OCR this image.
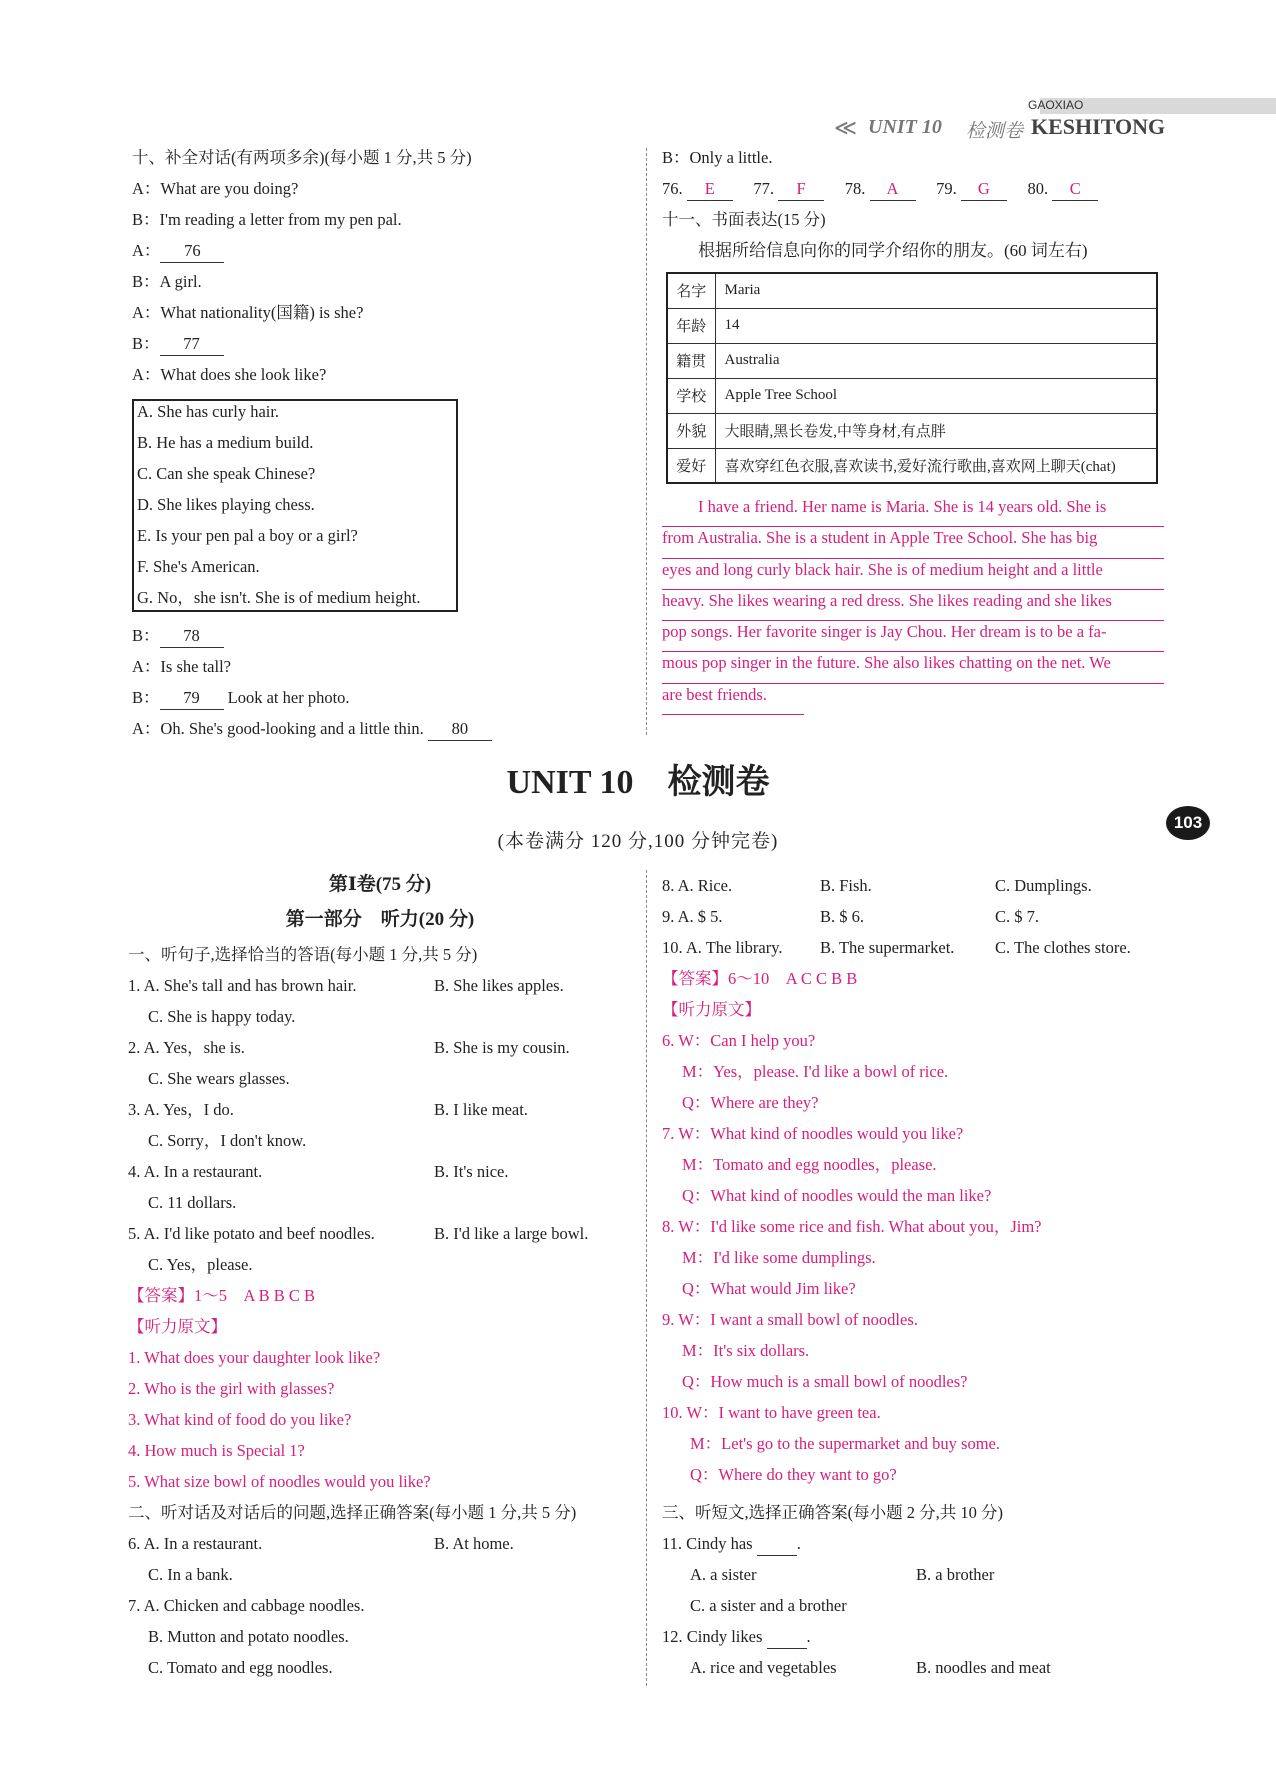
GAOXIAO
≪ UNIT 10 检测卷 KESHITONG
十、补全对话(有两项多余)(每小题 1 分,共 5 分)
A：What are you doing?
B：I'm reading a letter from my pen pal.
A： 76
B：A girl.
A：What nationality(国籍) is she?
B： 77
A：What does she look like?
A. She has curly hair.
B. He has a medium build.
C. Can she speak Chinese?
D. She likes playing chess.
E. Is your pen pal a boy or a girl?
F. She's American.
G. No，she isn't. She is of medium height.
B： 78
A：Is she tall?
B： 79 Look at her photo.
A：Oh. She's good-looking and a little thin. 80
B：Only a little.
76. E 77. F 78. A 79. G 80. C
十一、书面表达(15 分)
根据所给信息向你的同学介绍你的朋友。(60 词左右)
名字	Maria
年龄	14
籍贯	Australia
学校	Apple Tree School
外貌	大眼睛,黑长卷发,中等身材,有点胖
爱好	喜欢穿红色衣服,喜欢读书,爱好流行歌曲,喜欢网上聊天(chat)
I have a friend. Her name is Maria. She is 14 years old. She is
from Australia. She is a student in Apple Tree School. She has big
eyes and long curly black hair. She is of medium height and a little
heavy. She likes wearing a red dress. She likes reading and she likes
pop songs. Her favorite singer is Jay Chou. Her dream is to be a fa-
mous pop singer in the future. She also likes chatting on the net. We
are best friends.
UNIT 10　检测卷
(本卷满分 120 分,100 分钟完卷)
103
第Ⅰ卷(75 分)
第一部分　听力(20 分)
一、听句子,选择恰当的答语(每小题 1 分,共 5 分)
1. A. She's tall and has brown hair.	B. She likes apples.
C. She is happy today.
2. A. Yes，she is.	B. She is my cousin.
C. She wears glasses.
3. A. Yes，I do.	B. I like meat.
C. Sorry，I don't know.
4. A. In a restaurant.	B. It's nice.
C. 11 dollars.
5. A. I'd like potato and beef noodles.	B. I'd like a large bowl.
C. Yes，please.
【答案】1～5　A B B C B
【听力原文】
1. What does your daughter look like?
2. Who is the girl with glasses?
3. What kind of food do you like?
4. How much is Special 1?
5. What size bowl of noodles would you like?
二、听对话及对话后的问题,选择正确答案(每小题 1 分,共 5 分)
6. A. In a restaurant.	B. At home.
C. In a bank.
7. A. Chicken and cabbage noodles.
B. Mutton and potato noodles.
C. Tomato and egg noodles.
8. A. Rice.	B. Fish.	C. Dumplings.
9. A. $ 5.	B. $ 6.	C. $ 7.
10. A. The library. B. The supermarket. C. The clothes store.
【答案】6～10　A C C B B
【听力原文】
6. W：Can I help you?
M：Yes，please. I'd like a bowl of rice.
Q：Where are they?
7. W：What kind of noodles would you like?
M：Tomato and egg noodles，please.
Q：What kind of noodles would the man like?
8. W：I'd like some rice and fish. What about you，Jim?
M：I'd like some dumplings.
Q：What would Jim like?
9. W：I want a small bowl of noodles.
M：It's six dollars.
Q：How much is a small bowl of noodles?
10. W：I want to have green tea.
M：Let's go to the supermarket and buy some.
Q：Where do they want to go?
三、听短文,选择正确答案(每小题 2 分,共 10 分)
11. Cindy has	.
A. a sister	B. a brother
C. a sister and a brother
12. Cindy likes	.
A. rice and vegetables	B. noodles and meat
